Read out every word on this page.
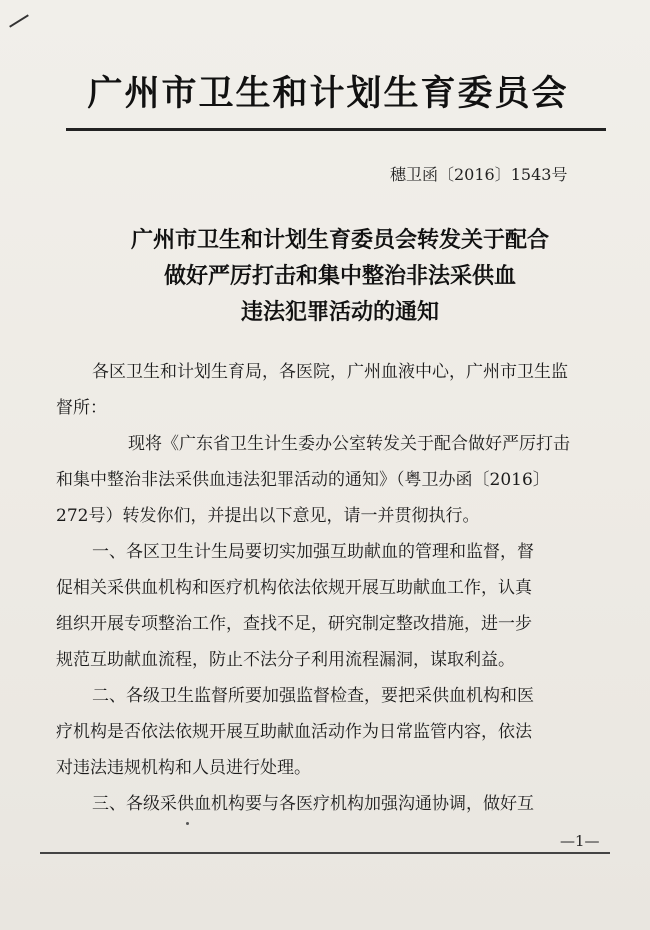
广州市卫生和计划生育委员会
穗卫函〔2016〕1543号
广州市卫生和计划生育委员会转发关于配合
做好严厉打击和集中整治非法采供血
违法犯罪活动的通知
各区卫生和计划生育局，各医院，广州血液中心，广州市卫生监
督所：
现将《广东省卫生计生委办公室转发关于配合做好严厉打击
和集中整治非法采供血违法犯罪活动的通知》（粤卫办函〔2016〕
272号）转发你们，并提出以下意见，请一并贯彻执行。
一、各区卫生计生局要切实加强互助献血的管理和监督，督
促相关采供血机构和医疗机构依法依规开展互助献血工作，认真
组织开展专项整治工作，查找不足，研究制定整改措施，进一步
规范互助献血流程，防止不法分子利用流程漏洞，谋取利益。
二、各级卫生监督所要加强监督检查，要把采供血机构和医
疗机构是否依法依规开展互助献血活动作为日常监管内容，依法
对违法违规机构和人员进行处理。
三、各级采供血机构要与各医疗机构加强沟通协调，做好互
—1—
